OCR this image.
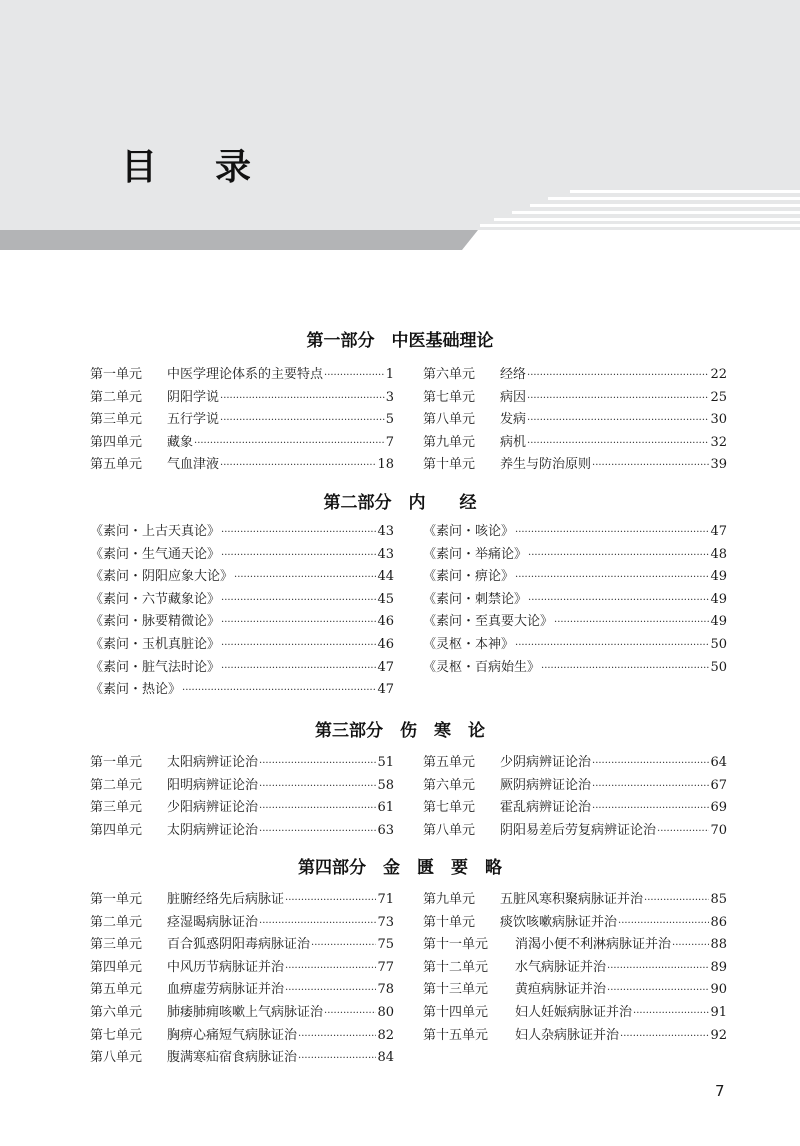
目录
第一部分　中医基础理论
第一单元	中医学理论体系的主要特点 ·····	1
第二单元	阴阳学说 ·····	3
第三单元	五行学说 ·····	5
第四单元	藏象 ·····	7
第五单元	气血津液 ·····	18
第六单元	经络 ·····	22
第七单元	病因 ·····	25
第八单元	发病 ·····	30
第九单元	病机 ·····	32
第十单元	养生与防治原则 ·····	39
第二部分　内　　经
《素问・上古天真论》 ·····	43
《素问・生气通天论》 ·····	43
《素问・阴阳应象大论》 ·····	44
《素问・六节藏象论》 ·····	45
《素问・脉要精微论》 ·····	46
《素问・玉机真脏论》 ·····	46
《素问・脏气法时论》 ·····	47
《素问・热论》 ·····	47
《素问・咳论》 ·····	47
《素问・举痛论》 ·····	48
《素问・痹论》 ·····	49
《素问・刺禁论》 ·····	49
《素问・至真要大论》 ·····	49
《灵枢・本神》 ·····	50
《灵枢・百病始生》 ·····	50
第三部分　伤　寒　论
第一单元	太阳病辨证论治 ·····	51
第二单元	阳明病辨证论治 ·····	58
第三单元	少阳病辨证论治 ·····	61
第四单元	太阴病辨证论治 ·····	63
第五单元	少阴病辨证论治 ·····	64
第六单元	厥阴病辨证论治 ·····	67
第七单元	霍乱病辨证论治 ·····	69
第八单元	阴阳易差后劳复病辨证论治 ·····	70
第四部分　金　匮　要　略
第一单元	脏腑经络先后病脉证 ·····	71
第二单元	痉湿暍病脉证治 ·····	73
第三单元	百合狐惑阴阳毒病脉证治 ·····	75
第四单元	中风历节病脉证并治 ·····	77
第五单元	血痹虚劳病脉证并治 ·····	78
第六单元	肺痿肺痈咳嗽上气病脉证治 ·····	80
第七单元	胸痹心痛短气病脉证治 ·····	82
第八单元	腹满寒疝宿食病脉证治 ·····	84
第九单元	五脏风寒积聚病脉证并治 ·····	85
第十单元	痰饮咳嗽病脉证并治 ·····	86
第十一单元	消渴小便不利淋病脉证并治 ·····	88
第十二单元	水气病脉证并治 ·····	89
第十三单元	黄疸病脉证并治 ·····	90
第十四单元	妇人妊娠病脉证并治 ·····	91
第十五单元	妇人杂病脉证并治 ·····	92
7
